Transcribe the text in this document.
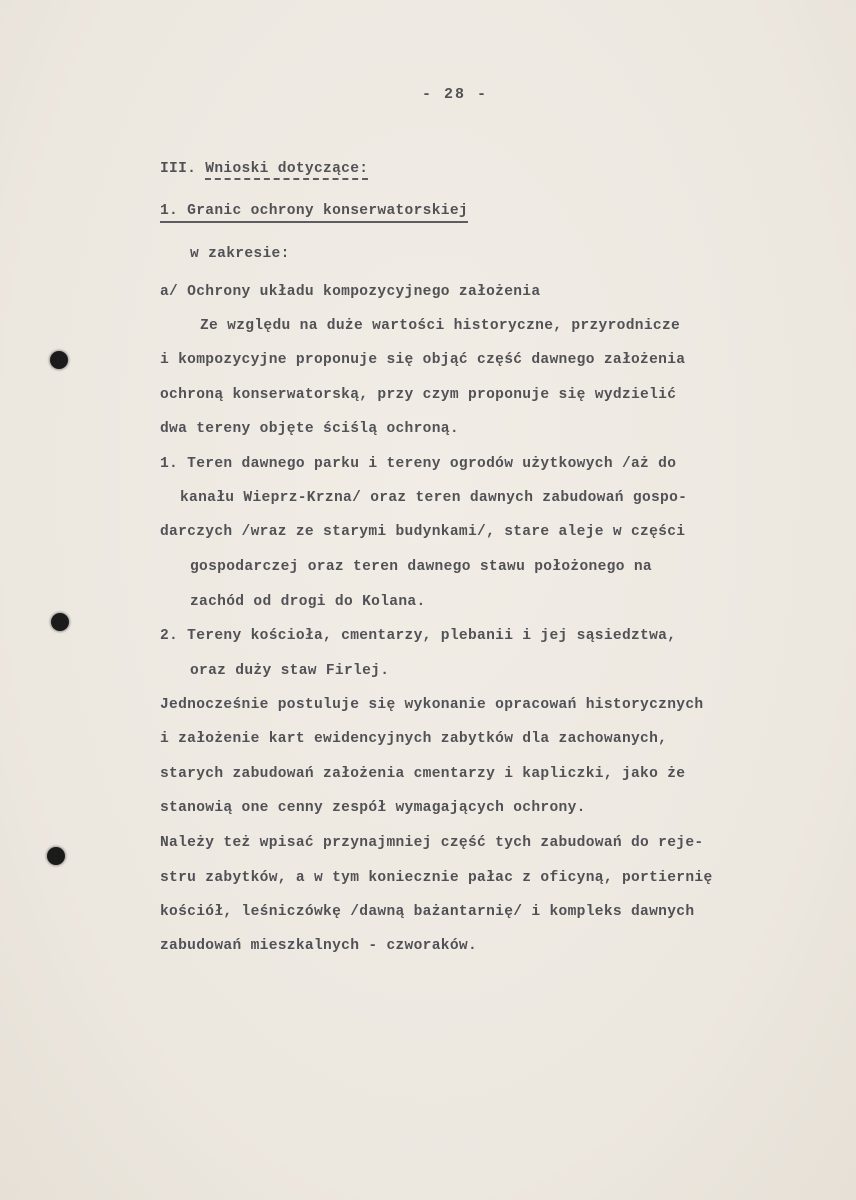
- 28 -
III. Wnioski dotyczące:
1. Granic ochrony konserwatorskiej
w zakresie:
a/ Ochrony układu kompozycyjnego założenia
Ze względu na duże wartości historyczne, przyrodnicze
i kompozycyjne proponuje się objąć część dawnego założenia
ochroną konserwatorską, przy czym proponuje się wydzielić
dwa tereny objęte ściślą ochroną.
1. Teren dawnego parku i tereny ogrodów użytkowych /aż do
kanału Wieprz-Krzna/ oraz teren dawnych zabudowań gospo-
darczych /wraz ze starymi budynkami/, stare aleje w części
gospodarczej oraz teren dawnego stawu położonego na
zachód od drogi do Kolana.
2. Tereny kościoła, cmentarzy, plebanii i jej sąsiedztwa,
oraz duży staw Firlej.
Jednocześnie postuluje się wykonanie opracowań historycznych
i założenie kart ewidencyjnych zabytków dla zachowanych,
starych zabudowań założenia cmentarzy i kapliczki, jako że
stanowią one cenny zespół wymagających ochrony.
Należy też wpisać przynajmniej część tych zabudowań do reje-
stru zabytków, a w tym koniecznie pałac z oficyną, portiernię
kościół, leśniczówkę /dawną bażantarnię/ i kompleks dawnych
zabudowań mieszkalnych - czworaków.
